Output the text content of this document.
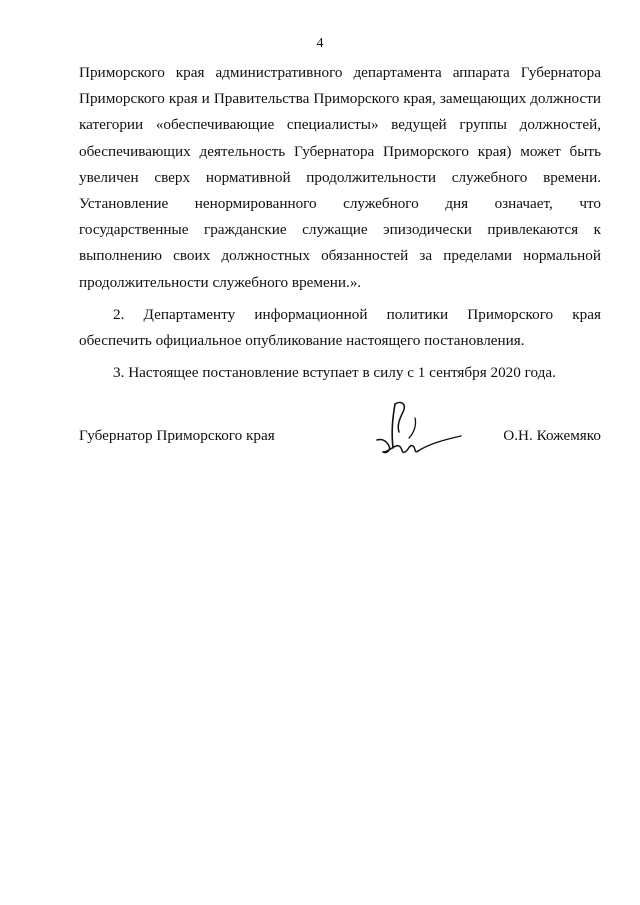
4
Приморского края административного департамента аппарата Губернатора
Приморского края и Правительства Приморского края, замещающих должности
категории «обеспечивающие специалисты» ведущей группы должностей,
обеспечивающих деятельность Губернатора Приморского края) может быть
увеличен сверх нормативной продолжительности служебного времени.
Установление ненормированного служебного дня означает, что
государственные гражданские служащие эпизодически привлекаются к
выполнению своих должностных обязанностей за пределами нормальной
продолжительности служебного времени.».
2. Департаменту информационной политики Приморского края
обеспечить официальное опубликование настоящего постановления.
3. Настоящее постановление вступает в силу с 1 сентября 2020 года.
Губернатор Приморского края	О.Н. Кожемяко
